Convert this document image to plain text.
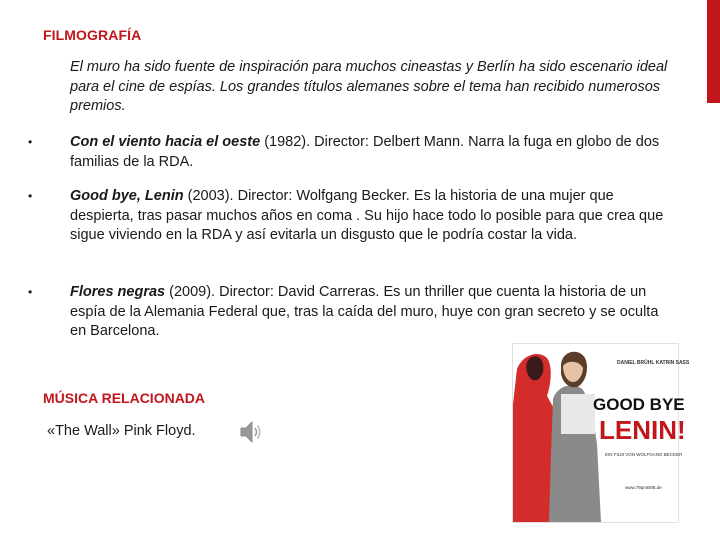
FILMOGRAFÍA

El muro ha sido fuente de inspiración para muchos cineastas y Berlín ha sido escenario ideal para el cine de espías. Los grandes títulos alemanes sobre el tema han recibido numerosos premios.

•	Con el viento hacia el oeste (1982). Director: Delbert Mann. Narra la fuga en globo de dos familias de la RDA.

•	Good bye, Lenin (2003). Director: Wolfgang Becker. Es la historia de una mujer que despierta, tras pasar muchos años en coma . Su hijo hace todo lo posible para que crea que sigue viviendo en la RDA y así evitarla un disgusto que le podría costar la vida.

•	Flores negras (2009). Director: David Carreras. Es un thriller que cuenta la historia de un espía de la Alemania Federal que, tras la caída del muro, huye con gran secreto y se oculta en Barcelona.

MÚSICA RELACIONADA
«The Wall» Pink Floyd.
DANIEL BRÜHL KATRIN SASS
GOOD BYE
LENIN!
EIN FILM VON WOLFGANG BECKER
www.79qmB0B.de
